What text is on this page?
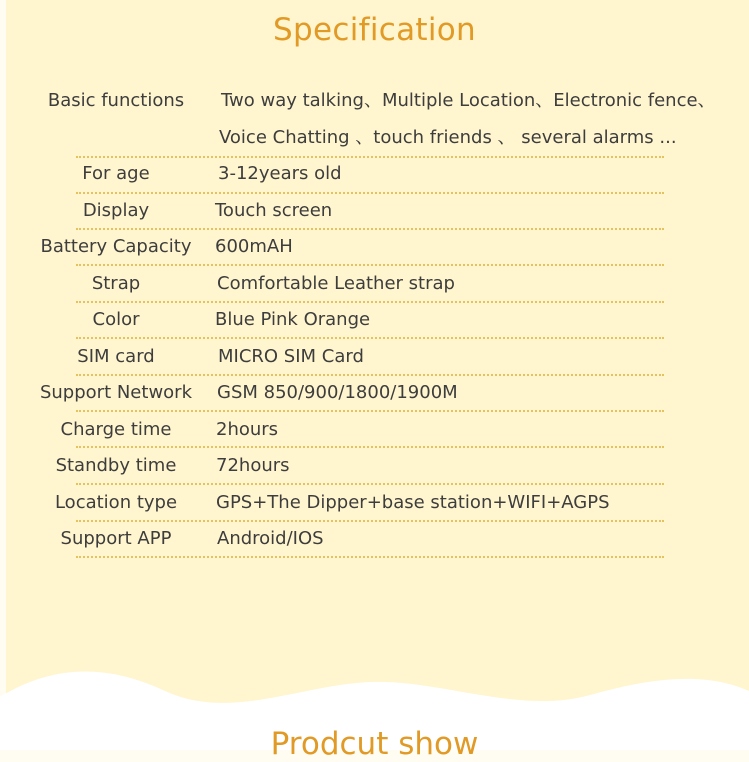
Specification
Basic functions	Two way talking、Multiple Location、Electronic fence、
Voice Chatting 、touch friends 、 several alarms ...
For age	3-12years old
Display	Touch screen
Battery Capacity 600mAH
Strap	Comfortable Leather strap
Color	Blue Pink Orange
SIM card	MICRO SIM Card
Support Network GSM 850/900/1800/1900M
Charge time	2hours
Standby time	72hours
Location type	GPS+The Dipper+base station+WIFI+AGPS
Support APP	Android/IOS
Prodcut show
